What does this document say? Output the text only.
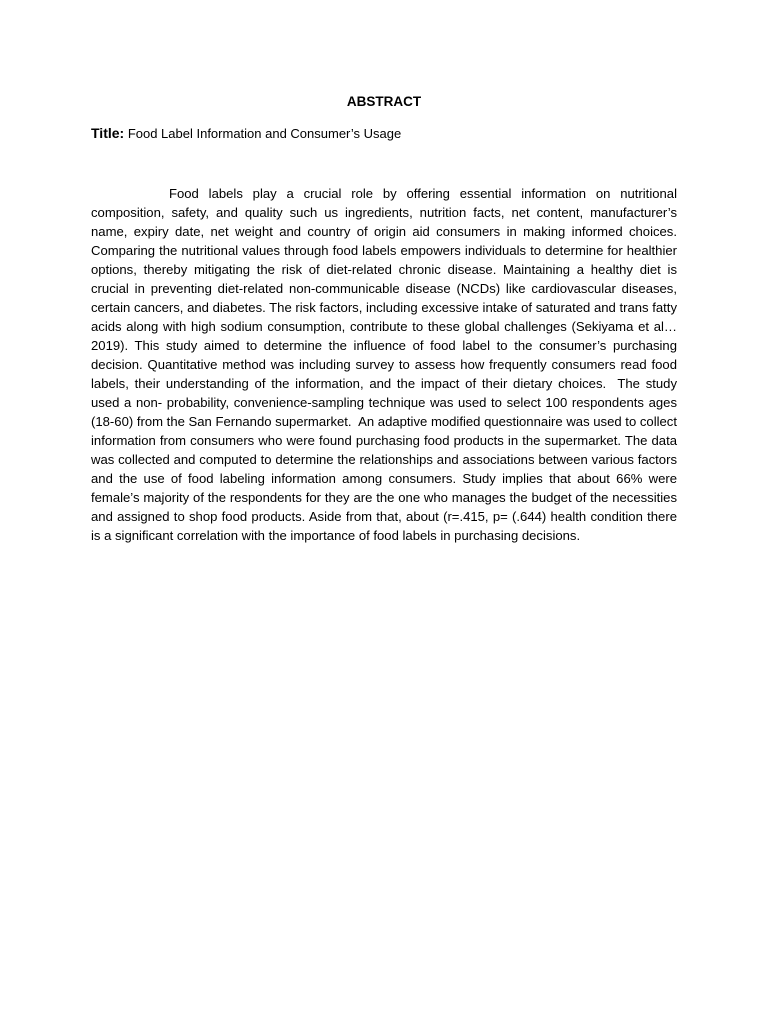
ABSTRACT
Title: Food Label Information and Consumer’s Usage

Food labels play a crucial role by offering essential information on nutritional composition, safety, and quality such us ingredients, nutrition facts, net content, manufacturer’s name, expiry date, net weight and country of origin aid consumers in making informed choices. Comparing the nutritional values through food labels empowers individuals to determine for healthier options, thereby mitigating the risk of diet-related chronic disease. Maintaining a healthy diet is crucial in preventing diet-related non-communicable disease (NCDs) like cardiovascular diseases, certain cancers, and diabetes. The risk factors, including excessive intake of saturated and trans fatty acids along with high sodium consumption, contribute to these global challenges (Sekiyama et al…2019). This study aimed to determine the influence of food label to the consumer’s purchasing decision. Quantitative method was including survey to assess how frequently consumers read food labels, their understanding of the information, and the impact of their dietary choices.  The study used a non- probability, convenience-sampling technique was used to select 100 respondents ages (18-60) from the San Fernando supermarket.  An adaptive modified questionnaire was used to collect information from consumers who were found purchasing food products in the supermarket. The data was collected and computed to determine the relationships and associations between various factors and the use of food labeling information among consumers. Study implies that about 66% were female’s majority of the respondents for they are the one who manages the budget of the necessities and assigned to shop food products. Aside from that, about (r=.415, p= (.644) health condition there is a significant correlation with the importance of food labels in purchasing decisions.
